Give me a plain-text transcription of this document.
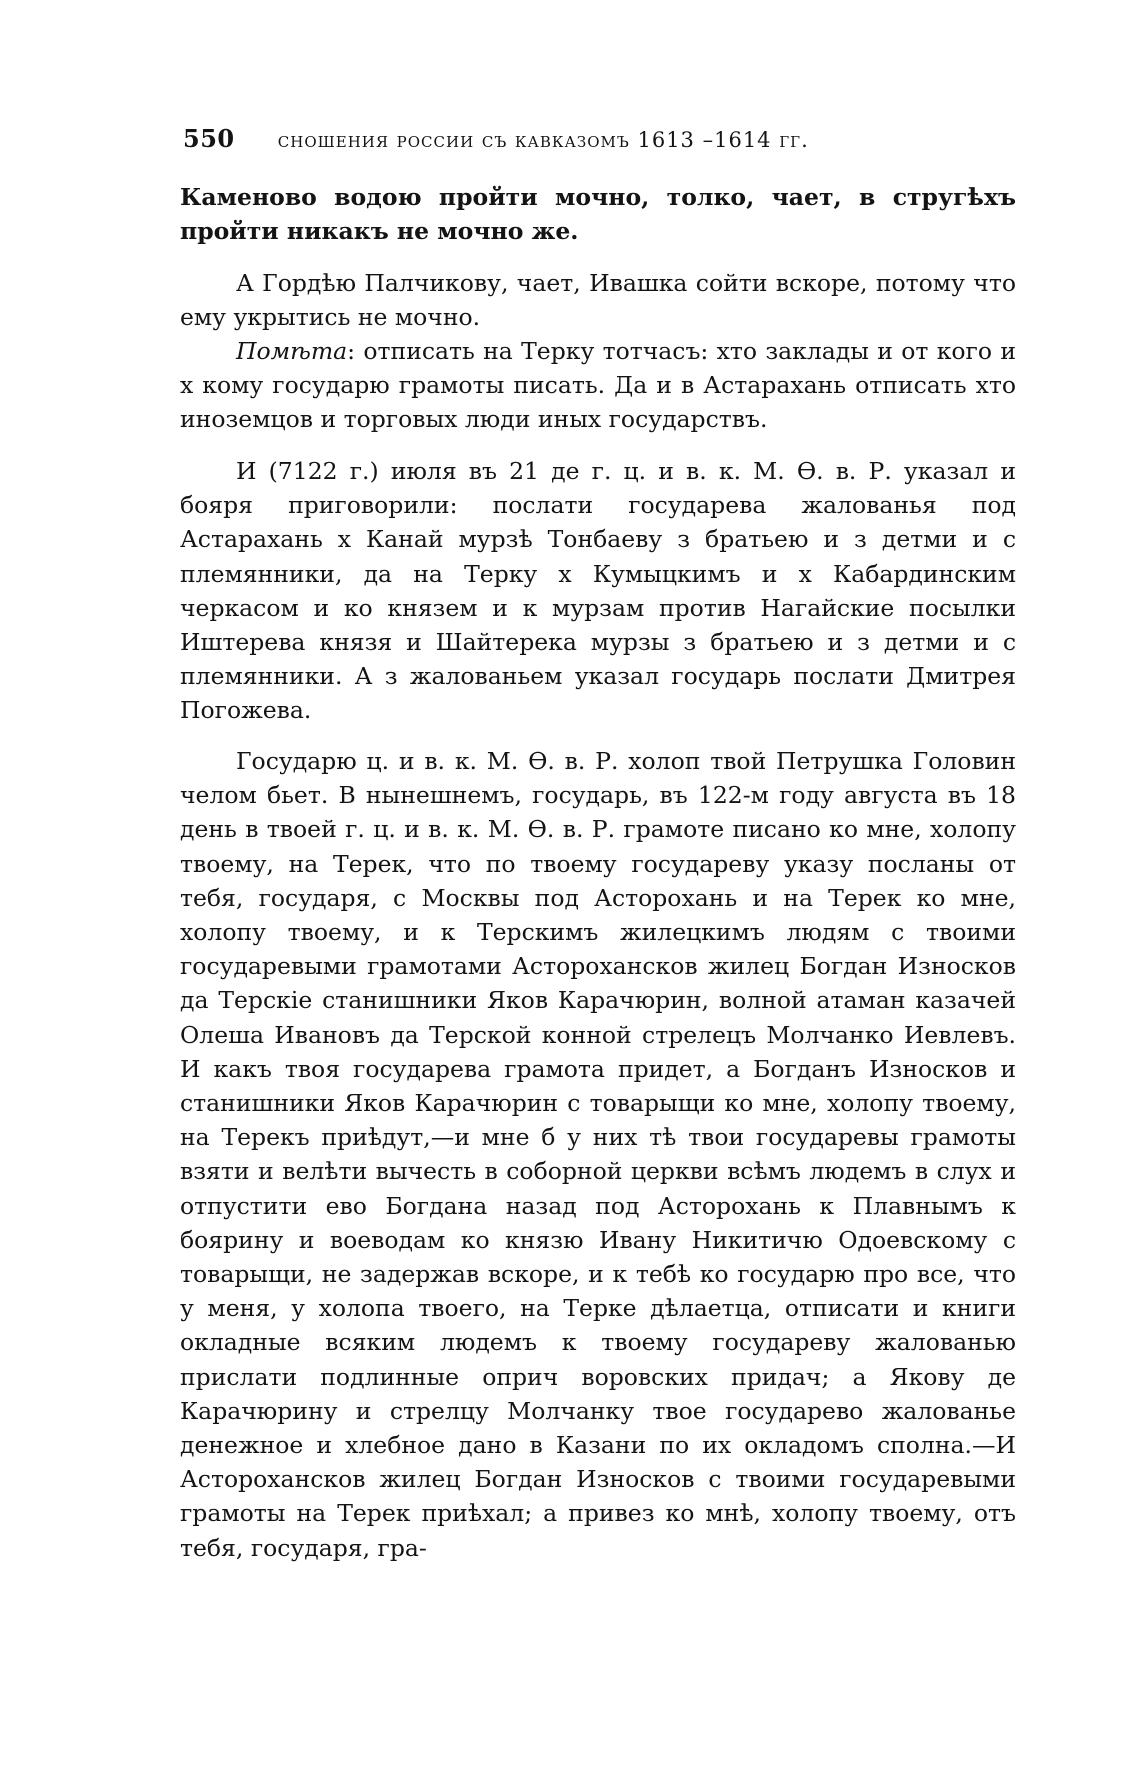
550 сношения россии съ кавказомъ 1613 –1614 гг.

Каменово водою пройти мочно, толко, чает, в стругѣхъ пройти никакъ не мочно же.

А Гордѣю Палчикову, чает, Ивашка сойти вскоре, потому что ему укрытись не мочно.

Помѣта: отписать на Терку тотчасъ: хто заклады и от кого и х кому государю грамоты писать. Да и в Астарахань отписать хто иноземцов и торговых люди иных государствъ.

И (7122 г.) июля въ 21 де г. ц. и в. к. М. Ѳ. в. Р. указал и бояря приговорили: послати государева жалованья под Астарахань х Канай мурзѣ Тонбаеву з братьею и з детми и с племянники, да на Терку х Кумыцкимъ и х Кабардинским черкасом и ко князем и к мурзам против Нагайские посылки Иштерева князя и Шайтерека мурзы з братьею и з детми и с племянники. А з жалованьем указал государь послати Дмитрея Погожева.

Государю ц. и в. к. М. Ѳ. в. Р. холоп твой Петрушка Головин челом бьет. В нынешнемъ, государь, въ 122-м году августа въ 18 день в твоей г. ц. и в. к. М. Ѳ. в. Р. грамоте писано ко мне, холопу твоему, на Терек, что по твоему государеву указу посланы от тебя, государя, с Москвы под Асторохань и на Терек ко мне, холопу твоему, и к Терскимъ жилецкимъ людям с твоими государевыми грамотами Асторохансков жилец Богдан Износков да Терскіе станишники Яков Карачюрин, волной атаман казачей Олеша Ивановъ да Терской конной стрелецъ Молчанко Иевлевъ. И какъ твоя государева грамота придет, а Богданъ Износков и станишники Яков Карачюрин с товарыщи ко мне, холопу твоему, на Терекъ приѣдут,—и мне б у них тѣ твои государевы грамоты взяти и велѣти вычесть в соборной церкви всѣмъ людемъ в слух и отпустити ево Богдана назад под Асторохань к Плавнымъ к боярину и воеводам ко князю Ивану Никитичю Одоевскому с товарыщи, не задержав вскоре, и к тебѣ ко государю про все, что у меня, у холопа твоего, на Терке дѣлаетца, отписати и книги окладные всяким людемъ к твоему государеву жалованью прислати подлинные оприч воровских придач; а Якову де Карачюрину и стрелцу Молчанку твое государево жалованье денежное и хлебное дано в Казани по их окладомъ сполна.—И Асторохансков жилец Богдан Износков с твоими государевыми грамоты на Терек приѣхал; а привез ко мнѣ, холопу твоему, отъ тебя, государя, гра-
